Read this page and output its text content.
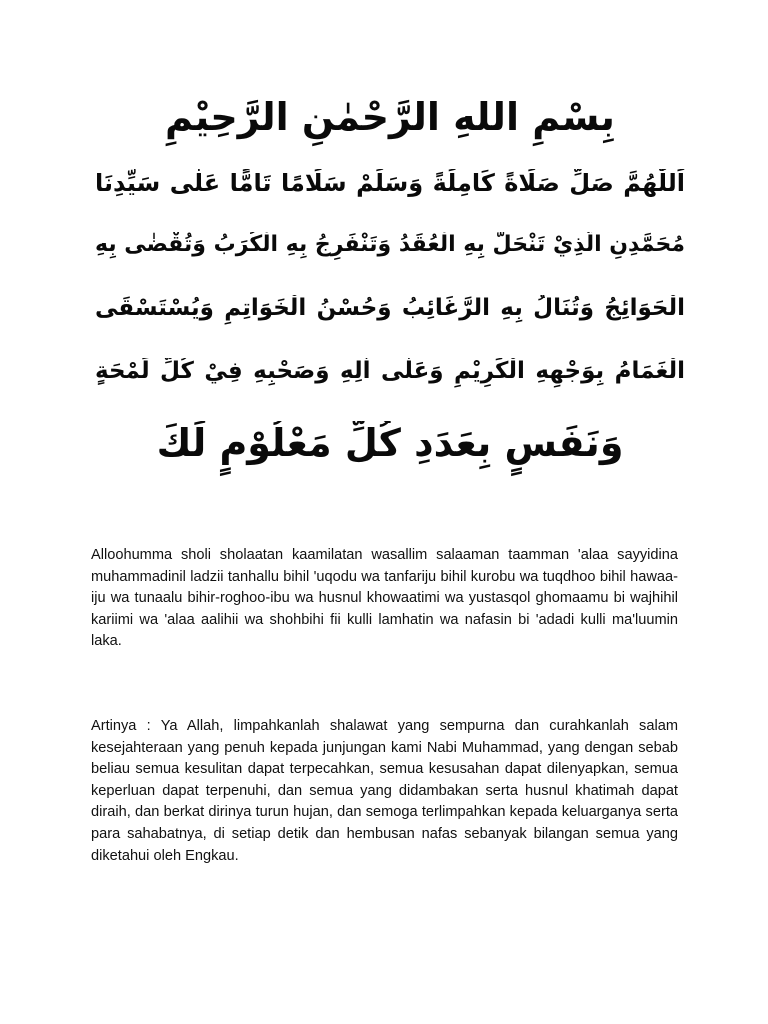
بِسْمِ اللهِ الرَّحْمٰنِ الرَّحِيْمِ
اَللّٰهُمَّ صَلِّ صَلَاةً كَامِلَةً وَسَلِّمْ سَلَامًا تَامًّا عَلٰى سَيِّدِنَا
مُحَمَّدِنِ الَّذِيْ تَنْحَلُّ بِهِ الْعُقَدُ وَتَنْفَرِجُ بِهِ الْكُرَبُ وَتُقْضٰى بِهِ
الْحَوَائِجُ وَتُنَالُ بِهِ الرَّغَائِبُ وَحُسْنُ الْخَوَاتِمِ وَيُسْتَسْقَى
الْغَمَامُ بِوَجْهِهِ الْكَرِيْمِ وَعَلٰى اٰلِهِ وَصَحْبِهِ فِيْ كُلِّ لَمْحَةٍ
وَنَفَسٍ بِعَدَدِ كُلِّ مَعْلُوْمٍ لَكَ

Alloohumma sholi sholaatan kaamilatan wasallim salaaman taamman 'alaa sayyidina muhammadinil ladzii tanhallu bihil 'uqodu wa tanfariju bihil kurobu wa tuqdhoo bihil hawaa-iju wa tunaalu bihir-roghoo-ibu wa husnul khowaatimi wa yustasqol ghomaamu bi wajhihil kariimi wa 'alaa aalihii wa shohbihi fii kulli lamhatin wa nafasin bi 'adadi kulli ma'luumin laka.

Artinya : Ya Allah, limpahkanlah shalawat yang sempurna dan curahkanlah salam kesejahteraan yang penuh kepada junjungan kami Nabi Muhammad, yang dengan sebab beliau semua kesulitan dapat terpecahkan, semua kesusahan dapat dilenyapkan, semua keperluan dapat terpenuhi, dan semua yang didambakan serta husnul khatimah dapat diraih, dan berkat dirinya turun hujan, dan semoga terlimpahkan kepada keluarganya serta para sahabatnya, di setiap detik dan hembusan nafas sebanyak bilangan semua yang diketahui oleh Engkau.
